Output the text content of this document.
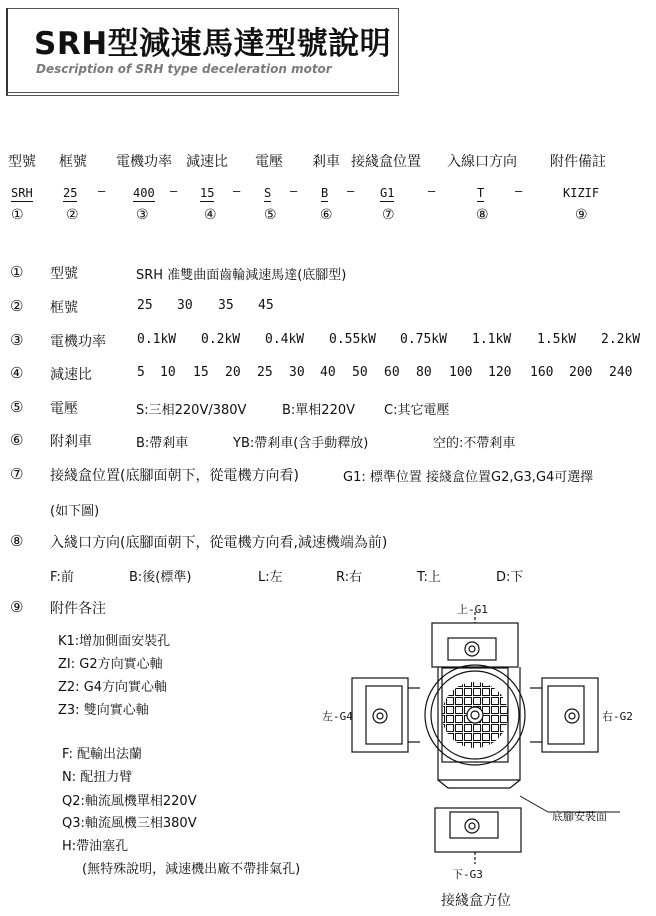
SRH型減速馬達型號說明
Description of SRH type deceleration motor
型號 框號 電機功率 減速比 電壓 剎車 接綫盒位置 入線口方向 附件備註
SRH	25	400	15	S	B	G1	T	KIZIF
—	—	—	—	—	—	—
①	②	③	④	⑤	⑥	⑦	⑧	⑨
① 型號	SRH 准雙曲面齒輪減速馬達(底腳型)
② 框號	25 30 35 45
③ 電機功率 0.1kW 0.2kW 0.4kW 0.55kW 0.75kW 1.1kW 1.5kW 2.2kW
④ 減速比	5 10 15 20 25 30 40 50 60 80 100 120 160 200 240
⑤ 電壓	S:三相220V/380V	B:單相220V C:其它電壓
⑥ 附剎車	B:帶剎車	YB:帶剎車(含手動釋放)	空的:不帶剎車
⑦ 接綫盒位置(底腳面朝下，從電機方向看)	G1: 標準位置 接綫盒位置G2,G3,G4可選擇
(如下圖)
⑧ 入綫口方向(底腳面朝下，從電機方向看,減速機端為前)
F:前	B:後(標準)	L:左	R:右	T:上	D:下
⑨ 附件各注
K1:增加側面安裝孔
ZI: G2方向實心軸
Z2: G4方向實心軸
Z3: 雙向實心軸
F: 配輸出法蘭
N: 配扭力臂
Q2:軸流風機單相220V
Q3:軸流風機三相380V
H:帶油塞孔
(無特殊說明，減速機出廠不帶排氣孔)
上-G1
左-G4	右-G2
下-G3
底腳安裝面
接綫盒方位
